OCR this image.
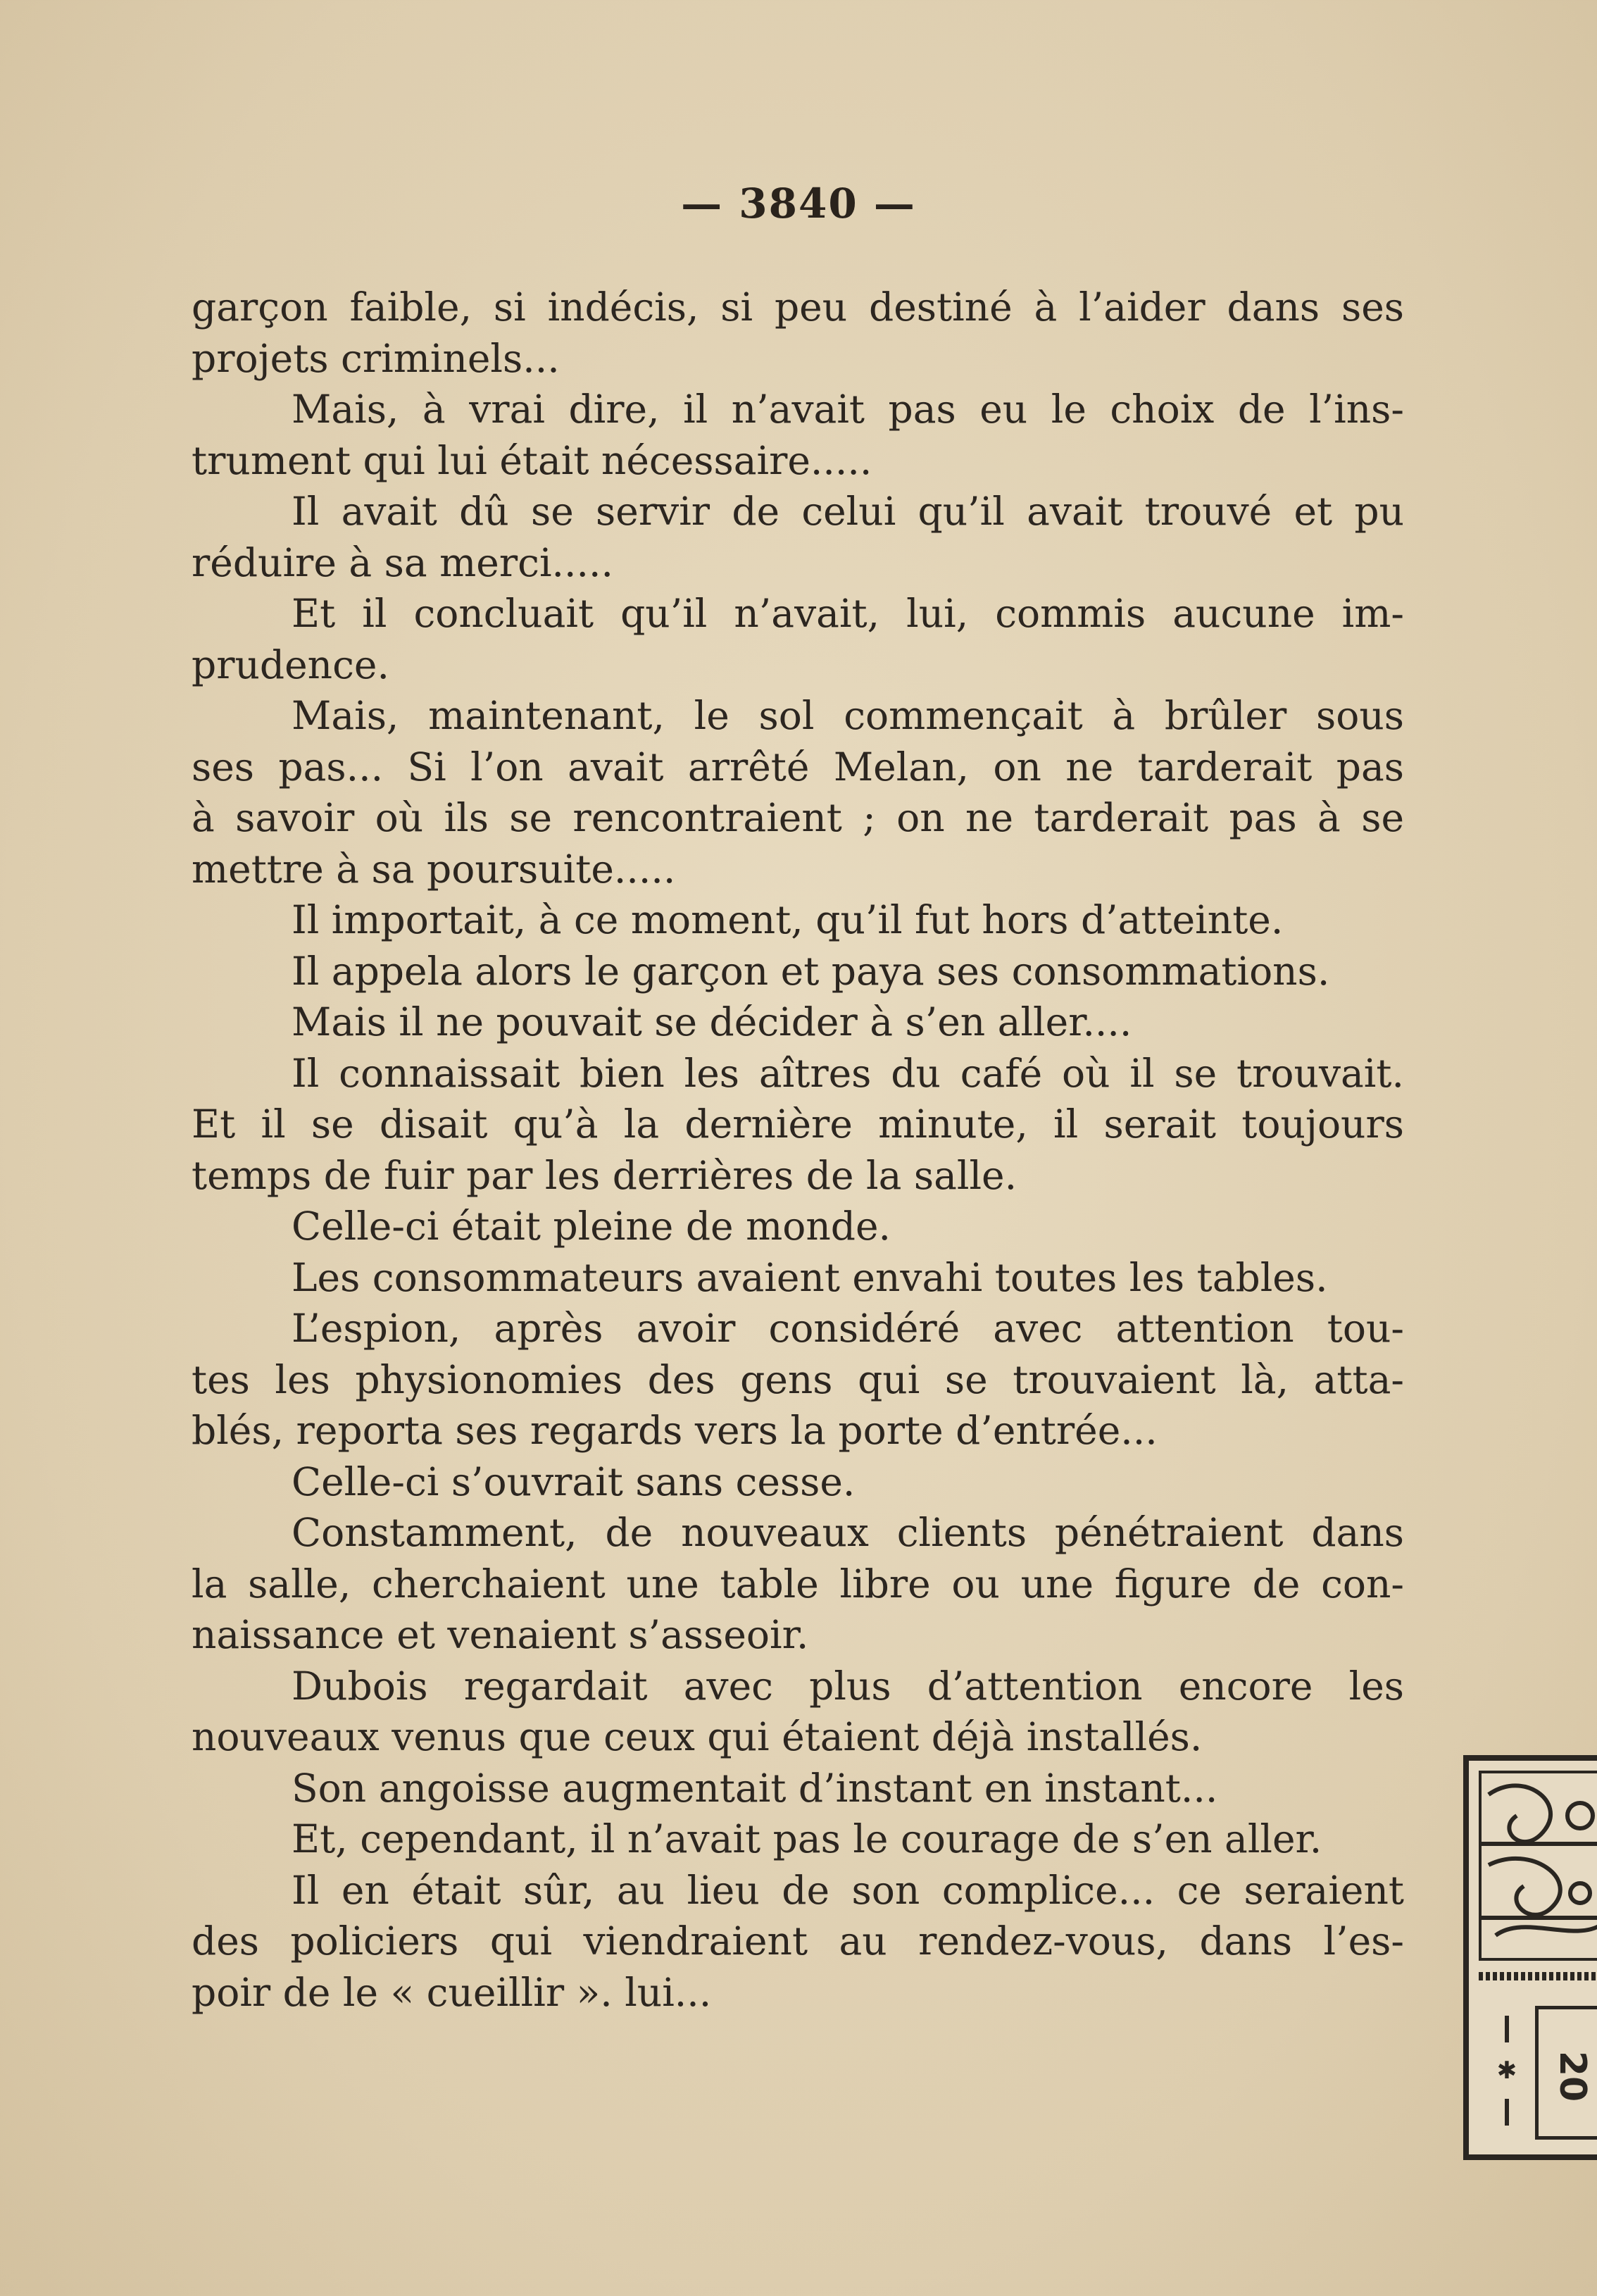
— 3840 —
garçon faible, si indécis, si peu destiné à l’aider dans ses
projets criminels...
Mais, à vrai dire, il n’avait pas eu le choix de l’ins-
trument qui lui était nécessaire.....
Il avait dû se servir de celui qu’il avait trouvé et pu
réduire à sa merci.....
Et il concluait qu’il n’avait, lui, commis aucune im-
prudence.
Mais, maintenant, le sol commençait à brûler sous
ses pas... Si l’on avait arrêté Melan, on ne tarderait pas
à savoir où ils se rencontraient ; on ne tarderait pas à se
mettre à sa poursuite.....
Il importait, à ce moment, qu’il fut hors d’atteinte.
Il appela alors le garçon et paya ses consommations.
Mais il ne pouvait se décider à s’en aller....
Il connaissait bien les aîtres du café où il se trouvait.
Et il se disait qu’à la dernière minute, il serait toujours
temps de fuir par les derrières de la salle.
Celle-ci était pleine de monde.
Les consommateurs avaient envahi toutes les tables.
L’espion, après avoir considéré avec attention tou-
tes les physionomies des gens qui se trouvaient là, atta-
blés, reporta ses regards vers la porte d’entrée...
Celle-ci s’ouvrait sans cesse.
Constamment, de nouveaux clients pénétraient dans
la salle, cherchaient une table libre ou une figure de con-
naissance et venaient s’asseoir.
Dubois regardait avec plus d’attention encore les
nouveaux venus que ceux qui étaient déjà installés.
Son angoisse augmentait d’instant en instant...
Et, cependant, il n’avait pas le courage de s’en aller.
Il en était sûr, au lieu de son complice... ce seraient
des policiers qui viendraient au rendez-vous, dans l’es-
poir de le « cueillir ». lui...
✱ 20
